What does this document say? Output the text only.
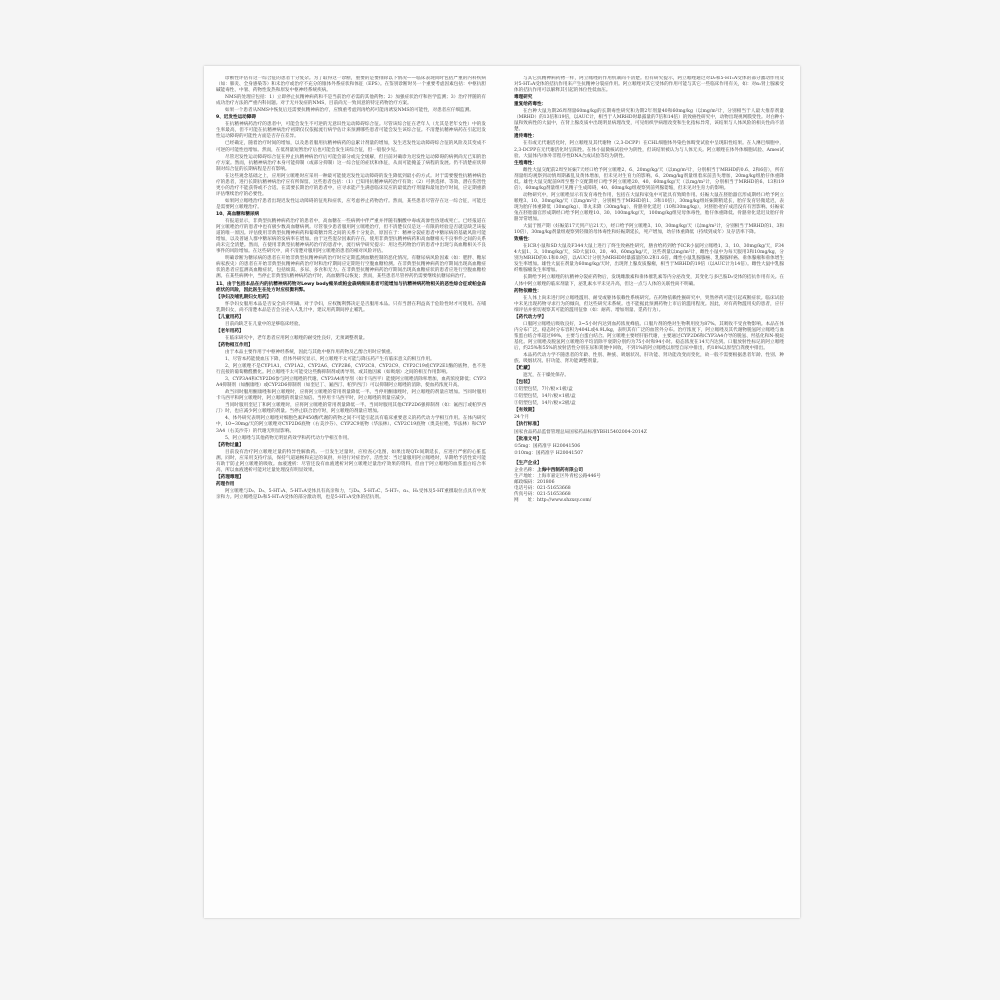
诊断性评估有这一综合征的患者十分复杂。为了取得这一诊断，重要的是要排除以下情况——临床表现同时包括严重的内科疾病（如：肺炎、全身感染等）和未治疗或治疗不充分的锥体外系症状和体征（EPS）。在鉴别诊断时另一个重要考虑因素包括：中枢抗胆碱能毒性、中暑、药物性发热和原发中枢神经系统疾病。

NMS的处理应包括：1）立即停止抗精神病药和不是当前治疗必需的其他药物；2）加强症状治疗和医学监测；3）治疗伴随的有成功治疗方法的严重内科问题。对于无并发症的NMS，目前尚无一致同意的特定药物治疗方案。

如果一个患者从NMS中恢复后还需要抗精神病治疗，应慎重考虑到再给药可能再诱发NMS的可能性，对患者应仔细监测。

9、迟发性运动障碍

在抗精神病药治疗的患者中，可能会发生不可逆的无意识性运动障碍综合征。尽管该综合征在老年人（尤其是老年女性）中的发生率最高，但不可能在抗精神病治疗初期仅仅依据流行病学估计来预测哪些患者可能会发生该综合征。不清楚抗精神病药在引起迟发性运动障碍的可能性方面是否存在差异。

已经确定，随着治疗时间的增加，以及患者服用抗精神病药的总累计剂量的增加，发生迟发性运动障碍综合征的风险及其变成不可逆的可能性也增加。然而，在低剂量短暂治疗后也可能会发生该综合征，但一般很少见。

尽管迟发性运动障碍综合征在停止抗精神病治疗后可能会部分或完全缓解，但目前对确诊为迟发性运动障碍的病例尚无已知的治疗方案。然而，抗精神病治疗本身可能抑制（或部分抑制）这一综合征的症状和体征，从而可能掩盖了病程的发展。仍不清楚症状抑制对综合征的长期病程是否有影响。

在这些观念基础之上，应用阿立哌唑时应采用一种最可能使迟发性运动障碍的发生降低到最小的方式。对于需要慢性抗精神病治疗的患者，进行长期抗精神病治疗应有所保留。这些患者包括：（1）已知用抗精神病药治疗有效；（2）可供选择、等效、潜在伤害性更小的治疗不能获得或不合适。在需要长期治疗的患者中，应寻求能产生满意临床反应的最低治疗剂量和最短治疗时间，应定期重新评估继续治疗的必要性。

如果阿立哌唑治疗患者出现迟发性运动障碍的征兆和症状，应考虑停止药物治疗。然而，某些患者尽管存在这一综合征，可能还是需要阿立哌唑治疗。

10、高血糖和糖尿病

有报道显示，非典型抗精神病药治疗的患者中，高血糖在一些病例中伴严重并伴随有酮酸中毒或高渗性昏迷或死亡。已经报道在阿立哌唑治疗的患者中也有极少数高血糖病例。尽管很少患者服用阿立哌唑治疗，但不清楚仅仅是这一有限的经验是否就是缺乏该报道的唯一原因。评估使用非典型抗精神病药和葡萄糖异常之间的关系十分复杂，原因在于：精神分裂症患者中糖尿病的基础风险可能增加，以及普通人群中糖尿病的发病率在增加。由于这些混杂因素的存在，使用非典型抗精神病药和高血糖相关不良事件之间的关系尚未完全清楚。然而，在使用非典型抗精神病药治疗的患者中，流行病学研究提示：用这些药物治疗的患者中出现与高血糖相关不良事件的风险增加。在这些研究中，尚不清楚对服用阿立哌唑的患者的相对风险评估。

明确诊断为糖尿病的患者在开始非典型抗精神病药治疗时应定期监测血糖控制的恶化情况。有糖尿病风险因素（如：肥胖、糖尿病家族史）的患者在开始非典型抗精神病药治疗时和治疗期间应定期进行空腹血糖检测。在非典型抗精神病药治疗期间出现高血糖症状的患者应监测高血糖症状，包括烦渴、多尿、多食和无力。在非典型抗精神病药治疗期间出现高血糖症状的患者应进行空腹血糖检测。在某些病例中，当停止非典型抗精神病药治疗时，高血糖得以恢复；然而，某些患者尽管停药仍需要继续抗糖尿病治疗。

11、由于包括本品在内的抗精神病药物对Lewy body痴呆或帕金森病痴呆患者可能增加与抗精神病药物相关的恶性综合征或帕金森症状的风险，因此医生在处方时应权衡利弊。

【孕妇及哺乳期妇女用药】

怀孕妇女服用本品是否安全尚不明确。对于孕妇，应权衡利弊决定是否服用本品。只有当潜在利益高于危险性时才可使用。在哺乳期妇女，尚不清楚本品是否会分泌入人乳汁中，建议用药期间停止哺乳。

【儿童用药】

目前尚缺乏在儿童中的足够临床经验。

【老年用药】

在临床研究中，老年患者应用阿立哌唑的耐受性良好，无须调整剂量。

【药物相互作用】

由于本品主要作用于中枢神经系统，因此与其他中枢作用药物及乙醇合用时应慎重。

1、尽管本药能使血压下降，但体外研究显示，阿立哌唑不太可能与降压药产生有临床意义的相互作用。

2、阿立哌唑不是CYP1A1、CYP1A2、CYP2A6、CYP2B6、CYP2C8、CYP2C9、CYP2C19或CYP2E1酶的底物，也不进行直接的葡萄糖醛酸化。阿立哌唑不太可能受这些酶抑制剂或诱导剂、或其他因素（如吸烟）之间的相互作用影响。

3、CYP3A4和CYP2D6参与阿立哌唑的代谢。CYP3A4诱导剂（如卡马西平）能使阿立哌唑清除率增加，血药浓度降低；CYP3A4抑制剂（如酮康唑）或CYP2D6抑制剂（如奎尼丁、氟西汀、帕罗西汀）可以抑制阿立哌唑的消除，使血药浓度升高。

故当同时服用酮康唑和阿立哌唑时，应将阿立哌唑的常用剂量降低一半。当停用酮康唑时，阿立哌唑的剂量应增加。当同时服用卡马西平和阿立哌唑时，阿立哌唑的剂量应加倍。当停用卡马西平时，阿立哌唑的剂量应减少。

当同时服用奎尼丁和阿立哌唑时，应将阿立哌唑的常用剂量降低一半。当同时服用其他CYP2D6强抑制剂（如：氟西汀或帕罗西汀）时，也应减少阿立哌唑的剂量。当停止联合治疗时，阿立哌唑的剂量应增加。

4、体外研究表明阿立哌唑对细胞色素P450酶代谢的药物之间不可能引起具有临床重要意义的药代动力学相互作用。在体内研究中，10~30mg/天的阿立哌唑对CYP2D6底物（右美沙芬）、CYP2C9底物（华法林）、CYP2C19底物（奥美拉唑、华法林）和CYP3A4（右美沙芬）的代谢无明显影响。

5、阿立哌唑与其他药物无明显药效学和药代动力学相互作用。

【药物过量】

目前没有治疗阿立哌唑过量的特异性解救药。一旦发生过量时，应检查心电图，如果出现QTc间期延长，应进行严密的心脏监测。同时，应采用支持疗法，保持气道通畅和充足的氧供，并进行对症治疗。活性炭：当过量服用阿立哌唑时，早期给予活性炭可能有助于防止阿立哌唑的吸收。血液透析：尽管还没有血液透析对阿立哌唑过量治疗效果的资料，但由于阿立哌唑的血浆蛋白结合率高，所以血液透析可能对过量处理没有明显效果。

【药理毒理】

药理作用

阿立哌唑与D₂、D₃、5-HT₁A、5-HT₂A受体具有高亲和力，与D₄、5-HT₂C、5-HT₇、α₁、H₁受体及5-HT重摄取位点具有中度亲和力。阿立哌唑是D₂和5-HT₁A受体的部分激动剂，也是5-HT₂A受体的拮抗剂。

与其它抗精神病药物一样，阿立哌唑的作用机制尚不清楚。但有研究提示，阿立哌唑通过对D₂和5-HT₁A受体的部分激动作用及对5-HT₂A受体的拮抗作用来产生抗精神分裂症作用。阿立哌唑对其它受体的作用可能与其它一些临床作用有关，如：对α₁肾上腺素受体的拮抗作用可以解释其引起的体位性低血压。

毒理研究

重复给药毒性：

在台种大鼠为期26周剂量60mg/kg的长期毒性研究和为期2年剂量40和60mg/kg（以mg/m²计，分别相当于人最大推荐剂量（MRHD）的13倍和19倍，以AUC计，相当于人MRHD时暴露量的7倍和14倍）的致癌性研究中，动物出现视网膜变性。对白种小鼠和致病性的大鼠中，在肾上腺皮质中出现明显病理改变，可见组织学病理改变和生化指标异常，该结果与人体风险的相关性尚不清楚。

遗传毒性：

在有或无代谢活化时，阿立哌唑及其代谢物（2,3-DCPP）在CHL细胞体外染色体畸变试验中呈现阳性结果。在人淋巴细胞中，2,3-DCPP在无代谢活化时呈阳性。在体小鼠微核试验中为阴性，但该结果被认为与人体无关。阿立哌唑在体外体细胞试验、Ames试验、大鼠体内/体外非程序性DNA合成试验等均为阴性。

生殖毒性：

雌性大鼠交配前2周至妊娠7天经口给予阿立哌唑2、6、20mg/kg/天（以mg/m²计，分别相当于MRHD的0.6、2和6倍），所有剂量组均观察到动情周期紊乱及黄体增加，但未见对生育力的影响。6、20mg/kg剂量组着床前丢失增加，20mg/kg组胎仔体重降低。雄性大鼠交配前9周至整个交配期经口给予阿立哌唑20、40、60mg/kg/天（以mg/m²计，分别相当于MRHD的6、13和19倍），60mg/kg剂量组可见精子生成障碍，40、60mg/kg组观察到前列腺萎缩，但未见对生育力的影响。

动物研究中，阿立哌唑显示有发育毒性作用，包括在大鼠和家兔中可能具有致畸作用。妊娠大鼠在胚胎器官形成期经口给予阿立哌唑3、10、30mg/kg/天（以mg/m²计，分别相当于MRHD的1、3和10倍），30mg/kg组妊娠期稍延长，胎仔发育轻微延迟，表现为胎仔体重降低（30mg/kg）、睾丸未降（30mg/kg）、骨骼骨化延迟（10和30mg/kg），对胚胎-胎仔成活没有有害影响。妊娠家兔在胚胎器官形成期经口给予阿立哌唑10、30、100mg/kg/天，100mg/kg组见母体毒性，胎仔体重降低、骨骼骨化延迟及胎仔骨骼异常增加。

大鼠于围产期（妊娠第17天到产后21天），经口给予阿立哌唑3、10、30mg/kg/天（以mg/m²计，分别相当于MRHD的1、3和10倍），30mg/kg剂量组观察到轻微的母体毒性和妊娠期延长，死产增加，幼仔体重降低（持续到成年）及存活率下降。

致癌性：

在ICR小鼠和SD大鼠及F344大鼠上进行了终生致癌性研究，膳食给药到给予ICR小鼠阿立哌唑1、3、10、30mg/kg/天，F344大鼠1、3、10mg/kg/天，SD大鼠10、20、40、60mg/kg/天，这些剂量以mg/m²计，雌性小鼠中为每天服用3和10mg/kg，分别为MRHD的0.1和0.9倍，以AUC计分别为MRHD时暴露量的0.2和1.6倍。雌性小鼠乳腺腺癌、乳腺腺样癌、垂体腺瘤和垂体增生发生率增加。雄性大鼠在剂量为60mg/kg/天时，出现肾上腺皮质腺瘤，相当于MRHD的19倍（以AUC计为14倍）。雌性大鼠中乳腺纤维腺瘤发生率增加。

长期给予阿立哌唑的抗精神分裂症药物后，发现雌激素和垂体催乳素等内分泌改变，其变化与多巴胺D₂受体的拮抗作用有关。在人体中阿立哌唑的临床剂量下，泌乳素水平未见升高，但这一点与人体的关联性尚不明确。

药物依赖性：

在人体上尚未进行阿立哌唑滥用、耐受或躯体依赖性系统研究。在药物依赖性猴研究中，突然停药可能引起戒断症状。临床试验中未见出现药物寻求行为的倾向，但这些研究未系统。也不能据此预测药物上市后的滥用程度。因此，对有药物滥用史的患者，应仔细评估并密切观察其可能的滥用征象（如：耐药、增加剂量、觅药行为）。

【药代动力学】

口服阿立哌唑后吸收良好，3~5小时内达到血药浓度峰值。口服片剂的绝对生物利用度为87%。其吸收不受食物影响。本品在体内分布广泛。稳态时分布容积为404L或4.9L/kg，表明其有广泛的血管外分布。治疗浓度下，阿立哌唑及其代谢物脱氢阿立哌唑与血浆蛋白结合率超过99%，主要与白蛋白结合。阿立哌唑主要经肝脏代谢，主要通过CYP2D6和CYP3A4介导的脱氢、羟基化和N-脱烷基化。阿立哌唑及脱氢阿立哌唑的平均消除半衰期分别约为75小时和94小时。稳态浓度在14天内达到。口服放射性标记的阿立哌唑后，约25%和55%的放射活性分别在尿和粪便中回收，不到1%的阿立哌唑以原型自尿中排出，约18%以原型自粪便中排出。

本品药代动力学不随患者的年龄、性别、种族、吸烟状况、肝功能、肾功能改变而变化，故一般不需要根据患者年龄、性别、种族、吸烟状况、肝功能、肾功能调整剂量。

【贮藏】

遮光，在干燥处保存。

【包装】

①铝塑包装，7片/板×1板/盒

②铝塑包装，14片/板×1板/盒

③铝塑包装，14片/板×2板/盒

【有效期】

24个月

【执行标准】

国家食品药品监督管理总局国家药品标准YBH15402004-2014Z

【批准文号】

①5mg：国药准字 H20041506

②10mg：国药准字 H20041507

【生产企业】

企业名称：上海中西制药有限公司

生产地址：上海市嘉定区外青松公路446号

邮政编码：201806

电话号码：021-51653668

传真号码：021-51653668

网　　址：http://www.shzxsy.com/
